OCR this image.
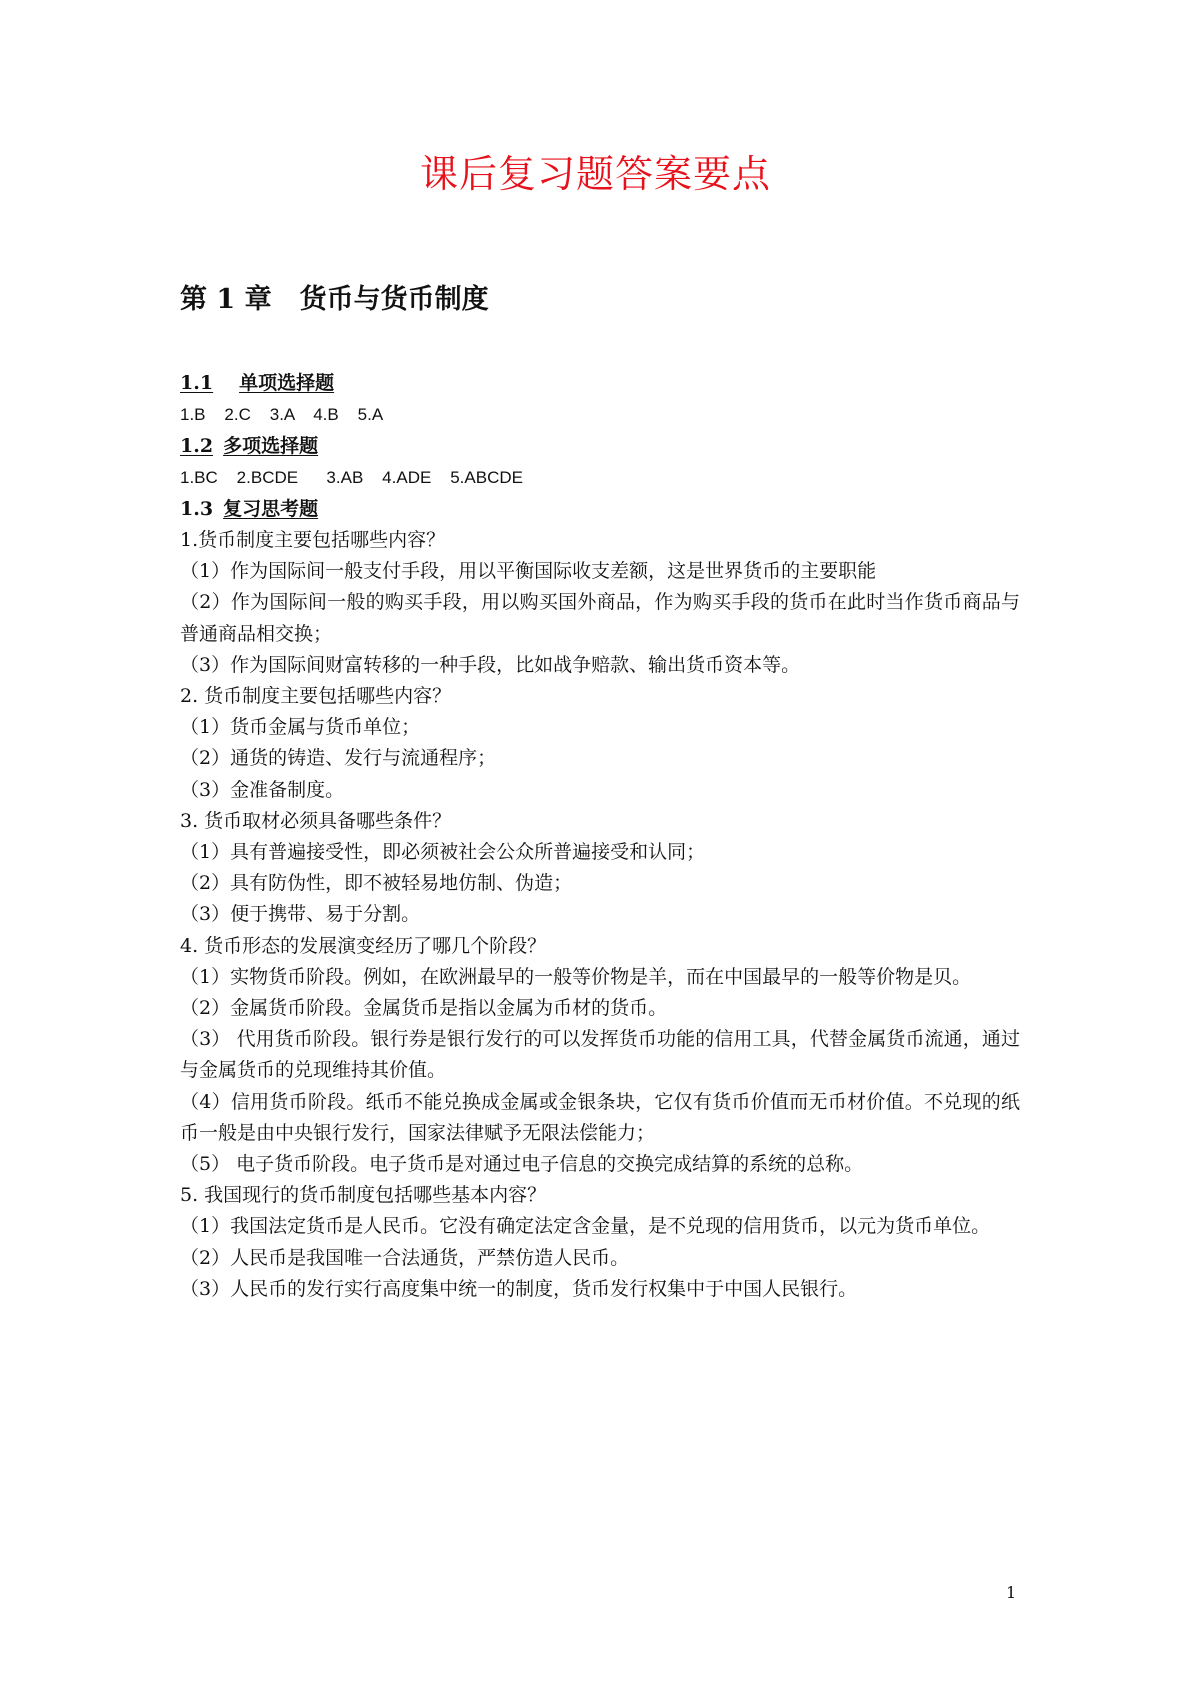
课后复习题答案要点
第 1 章 货币与货币制度
1.1 单项选择题
1.B    2.C    3.A    4.B    5.A
1.2 多项选择题
1.BC    2.BCDE      3.AB    4.ADE    5.ABCDE
1.3 复习思考题

1.货币制度主要包括哪些内容？

（1）作为国际间一般支付手段，用以平衡国际收支差额，这是世界货币的主要职能

（2）作为国际间一般的购买手段，用以购买国外商品，作为购买手段的货币在此时当作货币商品与普通商品相交换；

（3）作为国际间财富转移的一种手段，比如战争赔款、输出货币资本等。

2. 货币制度主要包括哪些内容？

（1）货币金属与货币单位；

（2）通货的铸造、发行与流通程序；

（3）金准备制度。

3. 货币取材必须具备哪些条件？

（1）具有普遍接受性，即必须被社会公众所普遍接受和认同；

（2）具有防伪性，即不被轻易地仿制、伪造；

（3）便于携带、易于分割。

4. 货币形态的发展演变经历了哪几个阶段？

（1）实物货币阶段。例如，在欧洲最早的一般等价物是羊，而在中国最早的一般等价物是贝。

（2）金属货币阶段。金属货币是指以金属为币材的货币。

（3） 代用货币阶段。银行券是银行发行的可以发挥货币功能的信用工具，代替金属货币流通，通过与金属货币的兑现维持其价值。

（4）信用货币阶段。纸币不能兑换成金属或金银条块，它仅有货币价值而无币材价值。不兑现的纸币一般是由中央银行发行，国家法律赋予无限法偿能力；

（5） 电子货币阶段。电子货币是对通过电子信息的交换完成结算的系统的总称。

5. 我国现行的货币制度包括哪些基本内容？

（1）我国法定货币是人民币。它没有确定法定含金量，是不兑现的信用货币，以元为货币单位。

（2）人民币是我国唯一合法通货，严禁仿造人民币。

（3）人民币的发行实行高度集中统一的制度，货币发行权集中于中国人民银行。

1
